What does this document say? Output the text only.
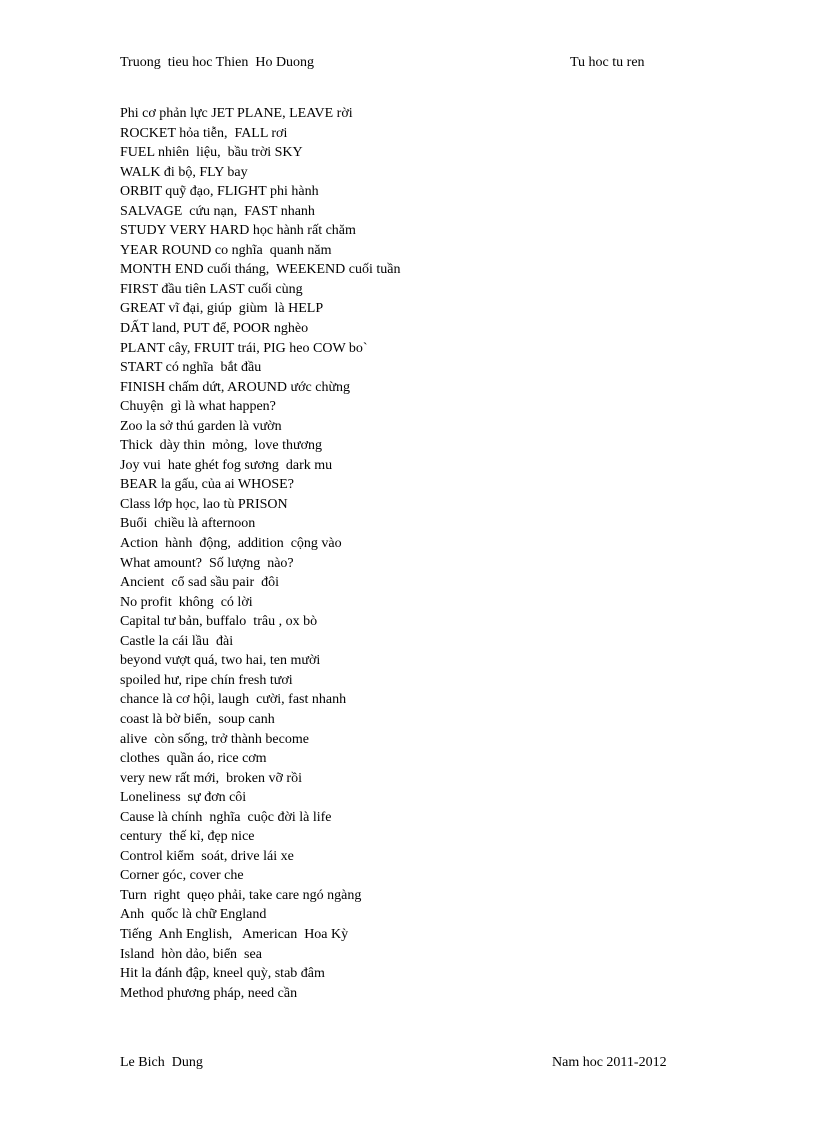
Truong  tieu hoc Thien  Ho Duong	Tu hoc tu ren
Phi cơ phản lực JET PLANE, LEAVE rời
ROCKET hỏa tiễn,  FALL rơi
FUEL nhiên  liệu,  bầu trời SKY
WALK đi bộ, FLY bay
ORBIT quỹ đạo, FLIGHT phi hành
SALVAGE  cứu nạn,  FAST nhanh
STUDY VERY HARD học hành rất chăm
YEAR ROUND co nghĩa  quanh năm
MONTH END cuối tháng,  WEEKEND cuối tuần
FIRST đầu tiên LAST cuối cùng
GREAT vĩ đại, giúp  giùm  là HELP
DẤT land, PUT để, POOR nghèo
PLANT cây, FRUIT trái, PIG heo COW bo`
START có nghĩa  bắt đầu
FINISH chấm dứt, AROUND ước chừng
Chuyện  gì là what happen?
Zoo la sở thú garden là vườn
Thick  dày thin  mỏng,  love thương
Joy vui  hate ghét fog sương  dark mu
BEAR la gấu, của ai WHOSE?
Class lớp học, lao tù PRISON
Buổi  chiều là afternoon
Action  hành  động,  addition  cộng vào
What amount?  Số lượng  nào?
Ancient  cổ sad sầu pair  đôi
No profit  không  có lời
Capital tư bản, buffalo  trâu , ox bò
Castle la cái lầu  đài
beyond vượt quá, two hai, ten mười
spoiled hư, ripe chín fresh tươi
chance là cơ hội, laugh  cười, fast nhanh
coast là bờ biển,  soup canh
alive  còn sống, trở thành become
clothes  quần áo, rice cơm
very new rất mới,  broken vỡ rồi
Loneliness  sự đơn côi
Cause là chính  nghĩa  cuộc đời là life
century  thế kỉ, đẹp nice
Control kiểm  soát, drive lái xe
Corner góc, cover che
Turn  right  quẹo phải, take care ngó ngàng
Anh  quốc là chữ England
Tiếng  Anh English,   American  Hoa Kỳ
Island  hòn dảo, biển  sea
Hit la đánh đập, kneel quỳ, stab đâm
Method phương pháp, need cần
Le Bich  Dung	Nam hoc 2011-2012
